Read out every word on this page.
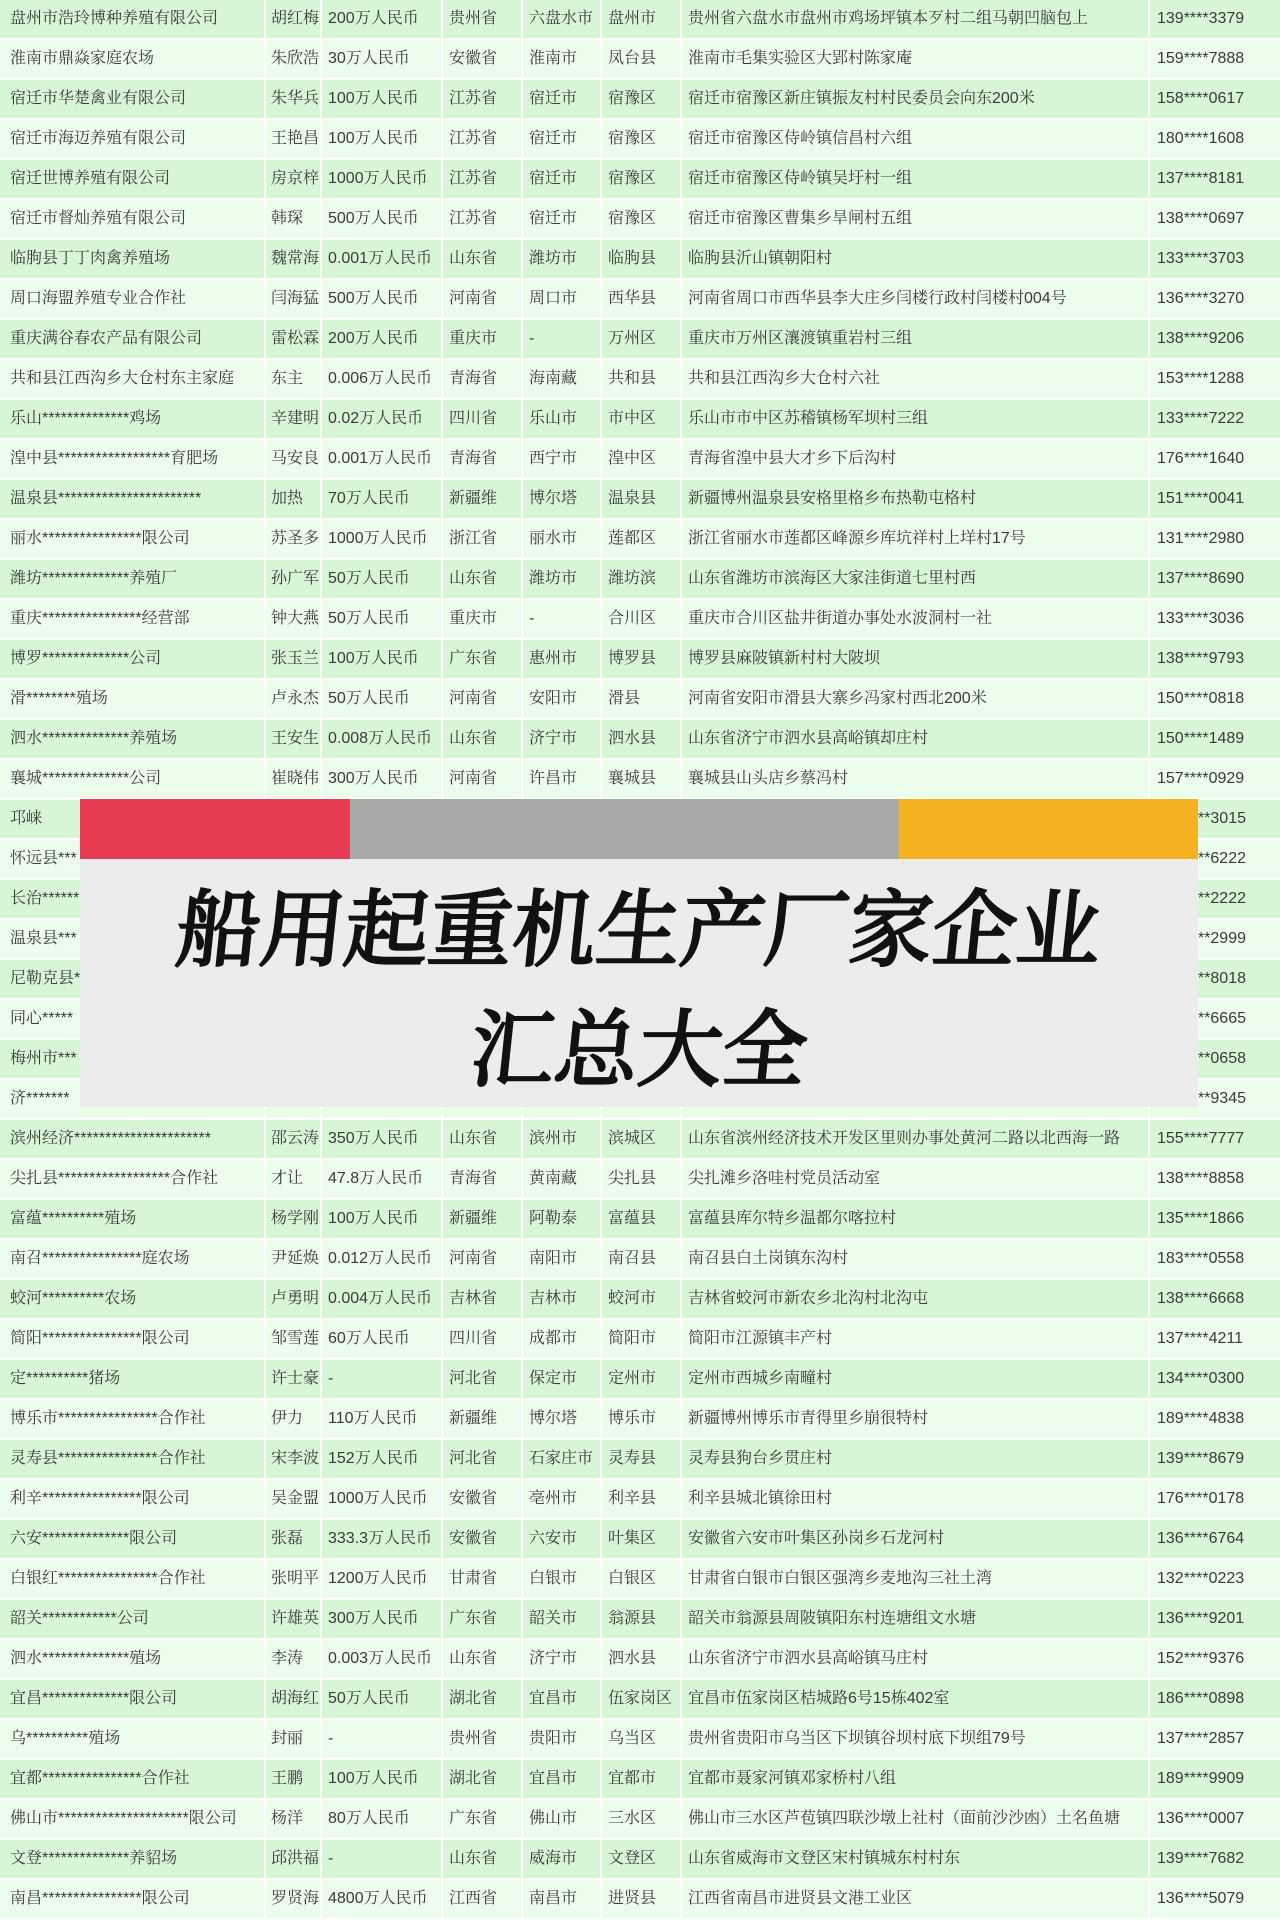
盘州市浩玲博种养殖有限公司	胡红梅 200万人民币	贵州省	六盘水市 盘州市	贵州省六盘水市盘州市鸡场坪镇本歹村二组马朝凹脑包上	139****3379
淮南市鼎焱家庭农场	朱欣浩 30万人民币	安徽省	淮南市	凤台县	淮南市毛集实验区大郢村陈家庵	159****7888
宿迁市华楚禽业有限公司	朱华兵 100万人民币	江苏省	宿迁市	宿豫区	宿迁市宿豫区新庄镇振友村村民委员会向东200米	158****0617
宿迁市海迈养殖有限公司	王艳昌 100万人民币	江苏省	宿迁市	宿豫区	宿迁市宿豫区侍岭镇信昌村六组	180****1608
宿迁世博养殖有限公司	房京梓 1000万人民币	江苏省	宿迁市	宿豫区	宿迁市宿豫区侍岭镇吴圩村一组	137****8181
宿迁市督灿养殖有限公司	韩琛	500万人民币	江苏省	宿迁市	宿豫区	宿迁市宿豫区曹集乡旱闸村五组	138****0697
临朐县丁丁肉禽养殖场	魏常海 0.001万人民币	山东省	潍坊市	临朐县	临朐县沂山镇朝阳村	133****3703
周口海盟养殖专业合作社	闫海猛 500万人民币	河南省	周口市	西华县	河南省周口市西华县李大庄乡闫楼行政村闫楼村004号	136****3270
重庆满谷春农产品有限公司	雷松霖 200万人民币	重庆市	-	万州区	重庆市万州区瀼渡镇重岩村三组	138****9206
共和县江西沟乡大仓村东主家庭	东主	0.006万人民币	青海省	海南藏	共和县	共和县江西沟乡大仓村六社	153****1288
乐山**************鸡场	辛建明 0.02万人民币	四川省	乐山市	市中区	乐山市市中区苏稽镇杨军坝村三组	133****7222
湟中县******************育肥场	马安良 0.001万人民币	青海省	西宁市	湟中区	青海省湟中县大才乡下后沟村	176****1640
温泉县***********************	加热	70万人民币	新疆维	博尔塔	温泉县	新疆博州温泉县安格里格乡布热勒屯格村	151****0041
丽水****************限公司	苏圣多 1000万人民币	浙江省	丽水市	莲都区	浙江省丽水市莲都区峰源乡库坑祥村上垟村17号	131****2980
潍坊**************养殖厂	孙广军 50万人民币	山东省	潍坊市	潍坊滨	山东省潍坊市滨海区大家洼街道七里村西	137****8690
重庆****************经营部	钟大燕 50万人民币	重庆市	-	合川区	重庆市合川区盐井街道办事处水波洞村一社	133****3036
博罗**************公司	张玉兰 100万人民币	广东省	惠州市	博罗县	博罗县麻陂镇新村村大陂坝	138****9793
滑********殖场	卢永杰 50万人民币	河南省	安阳市	滑县	河南省安阳市滑县大寨乡冯家村西北200米	150****0818
泗水**************养殖场	王安生 0.008万人民币	山东省	济宁市	泗水县	山东省济宁市泗水县高峪镇却庄村	150****1489
襄城**************公司	崔晓伟 300万人民币	河南省	许昌市	襄城县	襄城县山头店乡蔡冯村	157****0929
邛崃	**3015
怀远县***	**6222
长治******	**2222
温泉县***	**2999
尼勒克县*	**8018
同心*****	**6665
梅州市***	**0658
济*******	**9345
滨州经济**********************	邵云涛 350万人民币	山东省	滨州市	滨城区	山东省滨州经济技术开发区里则办事处黄河二路以北西海一路	155****7777
尖扎县******************合作社	才让	47.8万人民币	青海省	黄南藏	尖扎县	尖扎滩乡洛哇村党员活动室	138****8858
富蕴**********殖场	杨学刚 100万人民币	新疆维	阿勒泰	富蕴县	富蕴县库尔特乡温都尔喀拉村	135****1866
南召****************庭农场	尹延焕 0.012万人民币	河南省	南阳市	南召县	南召县白土岗镇东沟村	183****0558
蛟河**********农场	卢勇明 0.004万人民币	吉林省	吉林市	蛟河市	吉林省蛟河市新农乡北沟村北沟屯	138****6668
简阳****************限公司	邹雪莲 60万人民币	四川省	成都市	简阳市	简阳市江源镇丰产村	137****4211
定**********猪场	许士豪 -	河北省	保定市	定州市	定州市西城乡南疃村	134****0300
博乐市****************合作社	伊力	110万人民币	新疆维	博尔塔	博乐市	新疆博州博乐市青得里乡崩很特村	189****4838
灵寿县****************合作社	宋李波 152万人民币	河北省	石家庄市 灵寿县	灵寿县狗台乡贯庄村	139****8679
利辛****************限公司	吴金盟 1000万人民币	安徽省	亳州市	利辛县	利辛县城北镇徐田村	176****0178
六安**************限公司	张磊	333.3万人民币	安徽省	六安市	叶集区	安徽省六安市叶集区孙岗乡石龙河村	136****6764
白银红****************合作社	张明平 1200万人民币	甘肃省	白银市	白银区	甘肃省白银市白银区强湾乡麦地沟三社土湾	132****0223
韶关************公司	许雄英 300万人民币	广东省	韶关市	翁源县	韶关市翁源县周陂镇阳东村连塘组文水塘	136****9201
泗水**************殖场	李涛	0.003万人民币	山东省	济宁市	泗水县	山东省济宁市泗水县高峪镇马庄村	152****9376
宜昌**************限公司	胡海红 50万人民币	湖北省	宜昌市	伍家岗区 宜昌市伍家岗区桔城路6号15栋402室	186****0898
乌**********殖场	封丽	-	贵州省	贵阳市	乌当区	贵州省贵阳市乌当区下坝镇谷坝村底下坝组79号	137****2857
宜都****************合作社	王鹏	100万人民币	湖北省	宜昌市	宜都市	宜都市聂家河镇邓家桥村八组	189****9909
佛山市*********************限公司	杨洋	80万人民币	广东省	佛山市	三水区	佛山市三水区芦苞镇四联沙墩上社村（面前沙沙凼）土名鱼塘	136****0007
文登**************养貂场	邱洪福 -	山东省	威海市	文登区	山东省威海市文登区宋村镇城东村村东	139****7682
南昌****************限公司	罗贤海 4800万人民币	江西省	南昌市	进贤县	江西省南昌市进贤县文港工业区	136****5079
船用起重机生产厂家企业
汇总大全
